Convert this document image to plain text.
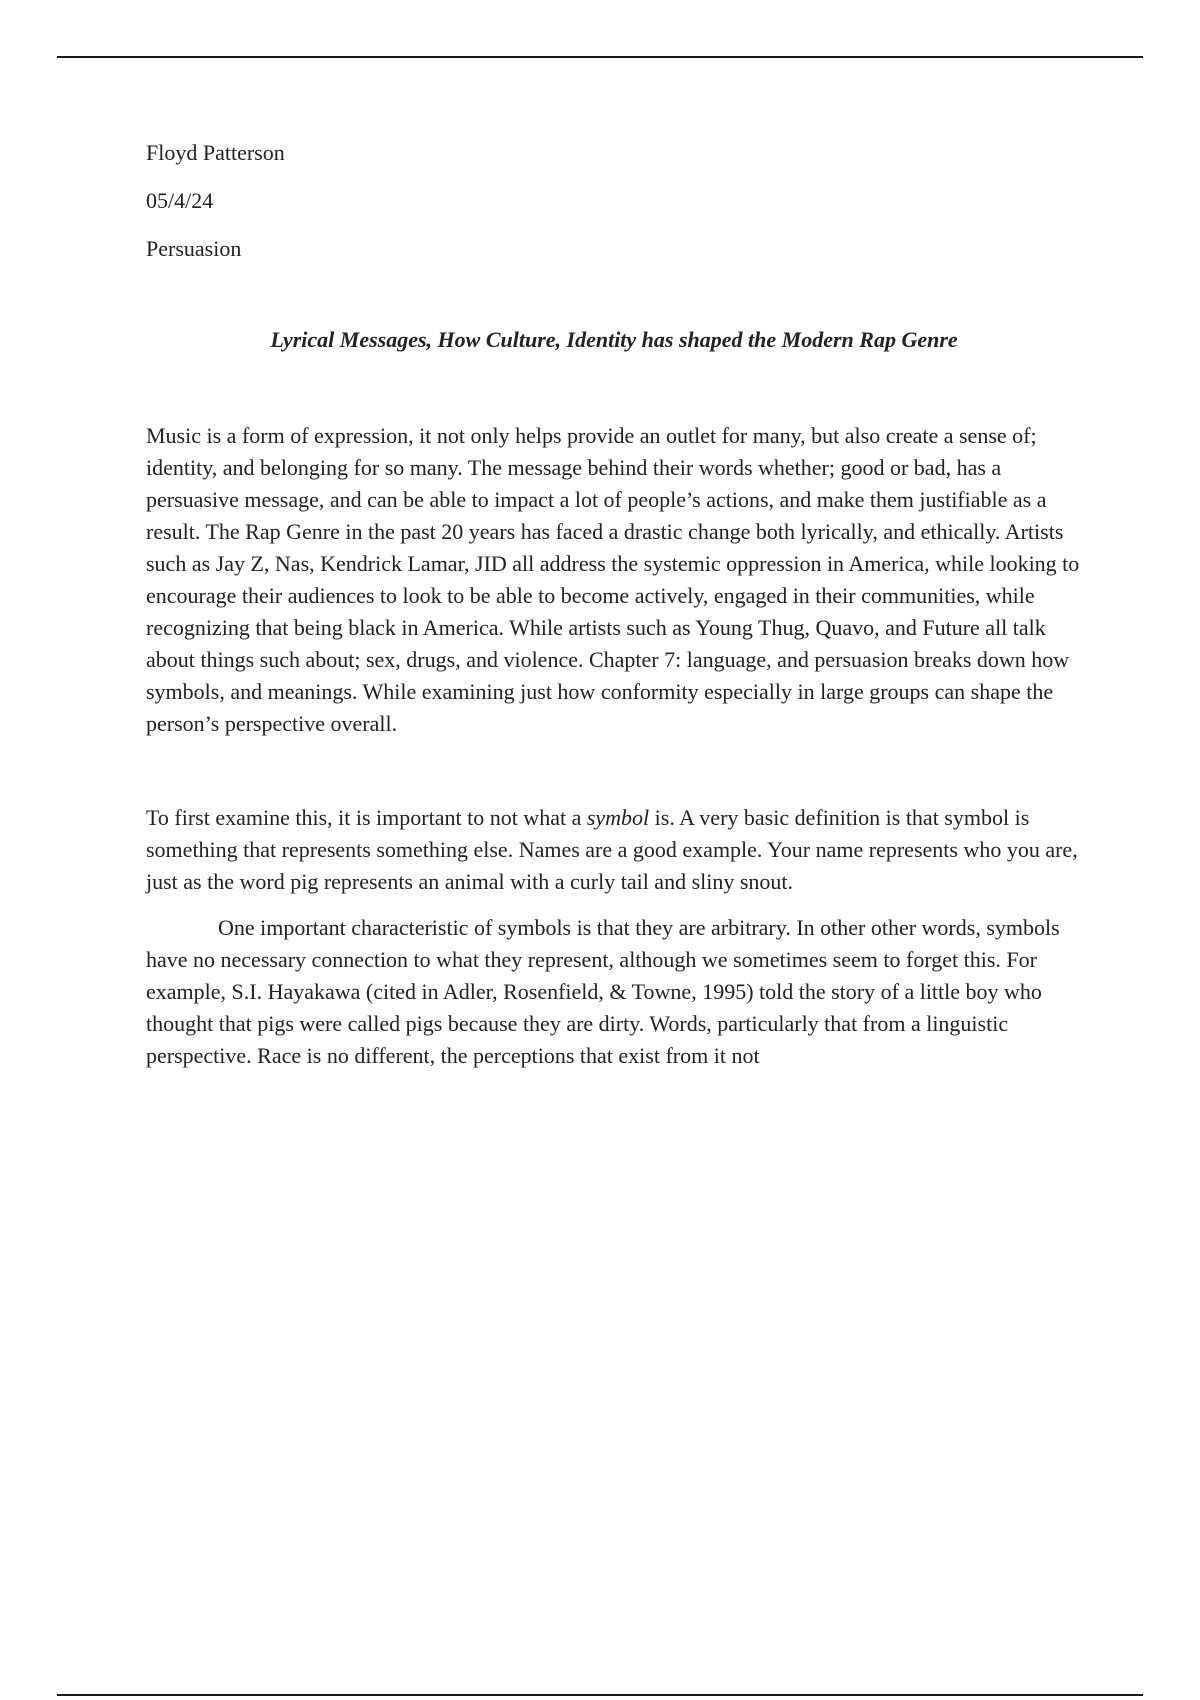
Floyd Patterson

05/4/24

Persuasion

Lyrical Messages, How Culture, Identity has shaped the Modern Rap Genre

Music is a form of expression, it not only helps provide an outlet for many, but also create a sense of; identity, and belonging for so many. The message behind their words whether; good or bad, has a persuasive message, and can be able to impact a lot of people’s actions, and make them justifiable as a result. The Rap Genre in the past 20 years has faced a drastic change both lyrically, and ethically. Artists such as Jay Z, Nas, Kendrick Lamar, JID all address the systemic oppression in America, while looking to encourage their audiences to look to be able to become actively, engaged in their communities, while recognizing that being black in America. While artists such as Young Thug, Quavo, and Future all talk about things such about; sex, drugs, and violence. Chapter 7: language, and persuasion breaks down how symbols, and meanings. While examining just how conformity especially in large groups can shape the person’s perspective overall.

To first examine this, it is important to not what a symbol is. A very basic definition is that symbol is something that represents something else. Names are a good example. Your name represents who you are, just as the word pig represents an animal with a curly tail and sliny snout.

One important characteristic of symbols is that they are arbitrary. In other other words, symbols have no necessary connection to what they represent, although we sometimes seem to forget this. For example, S.I. Hayakawa (cited in Adler, Rosenfield, & Towne, 1995) told the story of a little boy who thought that pigs were called pigs because they are dirty. Words, particularly that from a linguistic perspective. Race is no different, the perceptions that exist from it not
